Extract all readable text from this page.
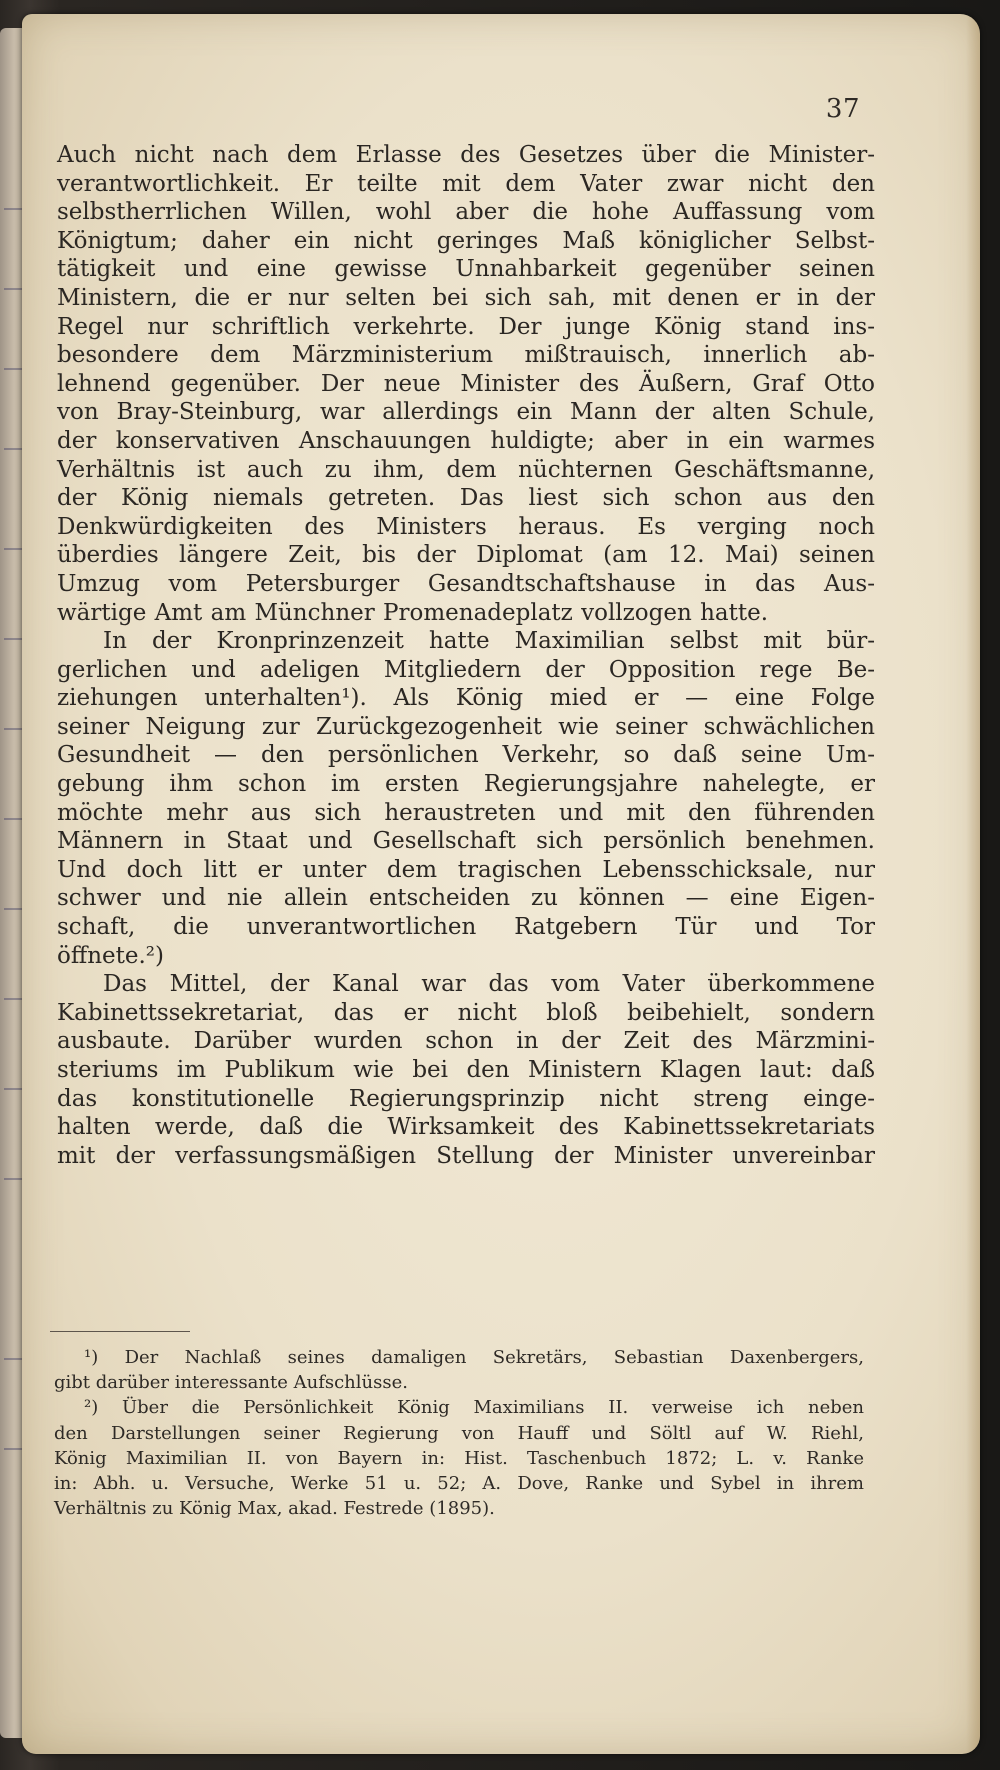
37
Auch nicht nach dem Erlasse des Gesetzes über die Minister-
verantwortlichkeit. Er teilte mit dem Vater zwar nicht den
selbstherrlichen Willen, wohl aber die hohe Auffassung vom
Königtum; daher ein nicht geringes Maß königlicher Selbst-
tätigkeit und eine gewisse Unnahbarkeit gegenüber seinen
Ministern, die er nur selten bei sich sah, mit denen er in der
Regel nur schriftlich verkehrte. Der junge König stand ins-
besondere dem Märzministerium mißtrauisch, innerlich ab-
lehnend gegenüber. Der neue Minister des Äußern, Graf Otto
von Bray-Steinburg, war allerdings ein Mann der alten Schule,
der konservativen Anschauungen huldigte; aber in ein warmes
Verhältnis ist auch zu ihm, dem nüchternen Geschäftsmanne,
der König niemals getreten. Das liest sich schon aus den
Denkwürdigkeiten des Ministers heraus. Es verging noch
überdies längere Zeit, bis der Diplomat (am 12. Mai) seinen
Umzug vom Petersburger Gesandtschaftshause in das Aus-
wärtige Amt am Münchner Promenadeplatz vollzogen hatte.
In der Kronprinzenzeit hatte Maximilian selbst mit bür-
gerlichen und adeligen Mitgliedern der Opposition rege Be-
ziehungen unterhalten¹). Als König mied er — eine Folge
seiner Neigung zur Zurückgezogenheit wie seiner schwächlichen
Gesundheit — den persönlichen Verkehr, so daß seine Um-
gebung ihm schon im ersten Regierungsjahre nahelegte, er
möchte mehr aus sich heraustreten und mit den führenden
Männern in Staat und Gesellschaft sich persönlich benehmen.
Und doch litt er unter dem tragischen Lebensschicksale, nur
schwer und nie allein entscheiden zu können — eine Eigen-
schaft, die unverantwortlichen Ratgebern Tür und Tor
öffnete.²)
Das Mittel, der Kanal war das vom Vater überkommene
Kabinettssekretariat, das er nicht bloß beibehielt, sondern
ausbaute. Darüber wurden schon in der Zeit des Märzmini-
steriums im Publikum wie bei den Ministern Klagen laut: daß
das konstitutionelle Regierungsprinzip nicht streng einge-
halten werde, daß die Wirksamkeit des Kabinettssekretariats
mit der verfassungsmäßigen Stellung der Minister unvereinbar
¹) Der Nachlaß seines damaligen Sekretärs, Sebastian Daxenbergers,
gibt darüber interessante Aufschlüsse.
²) Über die Persönlichkeit König Maximilians II. verweise ich neben
den Darstellungen seiner Regierung von Hauff und Söltl auf W. Riehl,
König Maximilian II. von Bayern in: Hist. Taschenbuch 1872; L. v. Ranke
in: Abh. u. Versuche, Werke 51 u. 52; A. Dove, Ranke und Sybel in ihrem
Verhältnis zu König Max, akad. Festrede (1895).
